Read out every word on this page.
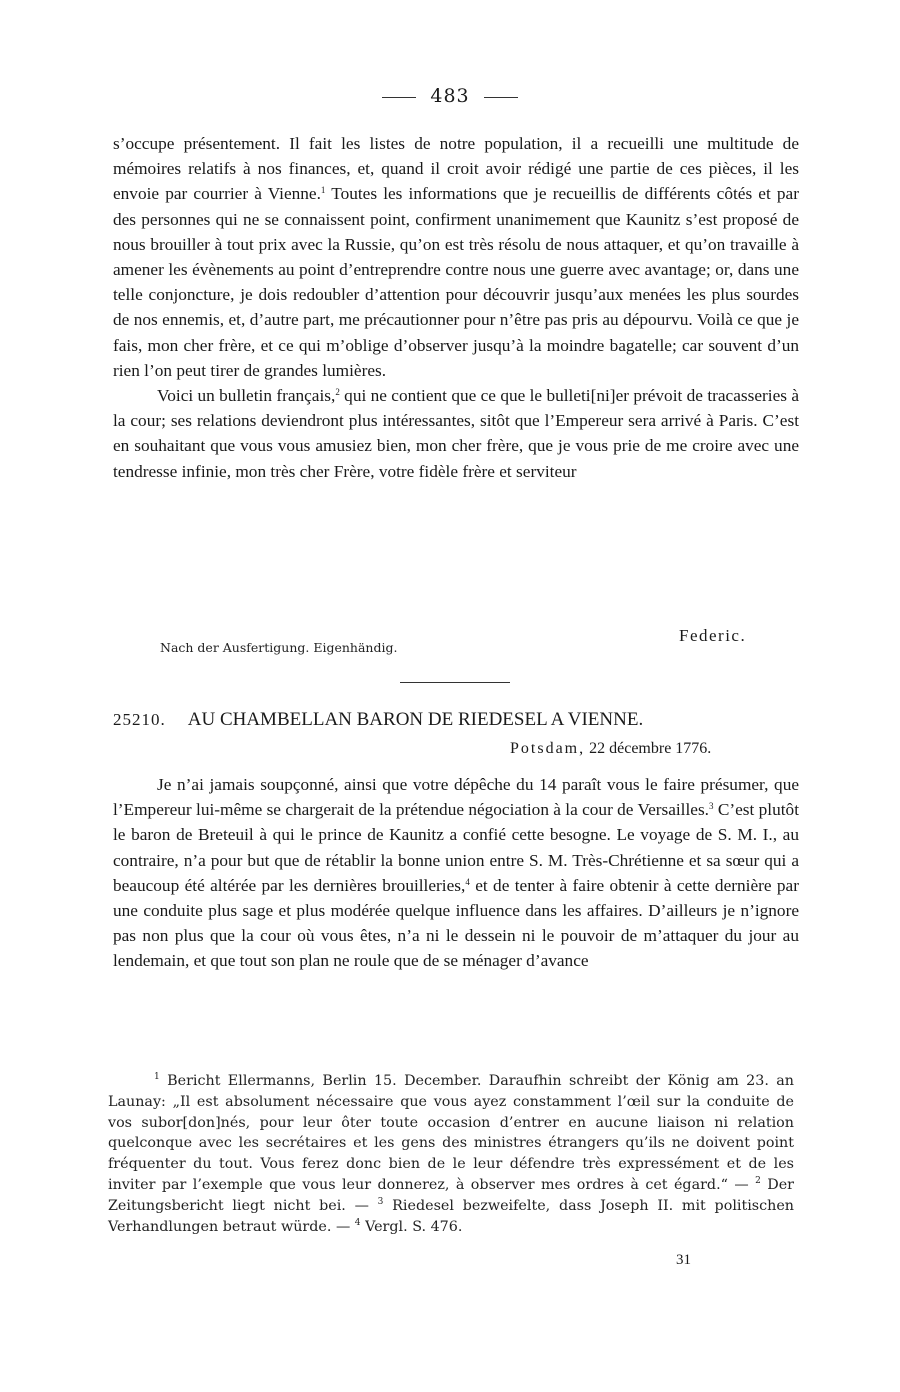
483

s’occupe présentement. Il fait les listes de notre population, il a recueilli une multitude de mémoires relatifs à nos finances, et, quand il croit avoir rédigé une partie de ces pièces, il les envoie par courrier à Vienne.$^1$ Toutes les informations que je recueillis de différents côtés et par des personnes qui ne se connaissent point, confirment unanimement que Kaunitz s’est proposé de nous brouiller à tout prix avec la Russie, qu’on est très résolu de nous attaquer, et qu’on travaille à amener les évènements au point d’entreprendre contre nous une guerre avec avantage; or, dans une telle conjoncture, je dois redoubler d’attention pour découvrir jusqu’aux menées les plus sourdes de nos ennemis, et, d’autre part, me précautionner pour n’être pas pris au dépourvu. Voilà ce que je fais, mon cher frère, et ce qui m’oblige d’observer jusqu’à la moindre bagatelle; car souvent d’un rien l’on peut tirer de grandes lumières.

Voici un bulletin français,$^2$ qui ne contient que ce que le bulleti[ni]er prévoit de tracasseries à la cour; ses relations deviendront plus intéressantes, sitôt que l’Empereur sera arrivé à Paris. C’est en souhaitant que vous vous amusiez bien, mon cher frère, que je vous prie de me croire avec une tendresse infinie, mon très cher Frère, votre fidèle frère et serviteur

Federic.
Nach der Ausfertigung. Eigenhändig.
25210. AU CHAMBELLAN BARON DE RIEDESEL A VIENNE.
Potsdam, 22 décembre 1776.

Je n’ai jamais soupçonné, ainsi que votre dépêche du 14 paraît vous le faire présumer, que l’Empereur lui-même se chargerait de la prétendue négociation à la cour de Versailles.$^3$ C’est plutôt le baron de Breteuil à qui le prince de Kaunitz a confié cette besogne. Le voyage de S. M. I., au contraire, n’a pour but que de rétablir la bonne union entre S. M. Très-Chrétienne et sa sœur qui a beaucoup été altérée par les dernières brouilleries,$^4$ et de tenter à faire obtenir à cette dernière par une conduite plus sage et plus modérée quelque influence dans les affaires. D’ailleurs je n’ignore pas non plus que la cour où vous êtes, n’a ni le dessein ni le pouvoir de m’attaquer du jour au lendemain, et que tout son plan ne roule que de se ménager d’avance

$^1$ Bericht Ellermanns, Berlin 15. December. Daraufhin schreibt der König am 23. an Launay: „Il est absolument nécessaire que vous ayez constamment l’œil sur la conduite de vos subor[don]nés, pour leur ôter toute occasion d’entrer en aucune liaison ni relation quelconque avec les secrétaires et les gens des ministres étrangers qu’ils ne doivent point fréquenter du tout. Vous ferez donc bien de le leur défendre très expressément et de les inviter par l’exemple que vous leur donnerez, à observer mes ordres à cet égard.“ — $^2$ Der Zeitungsbericht liegt nicht bei. — $^3$ Riedesel bezweifelte, dass Joseph II. mit politischen Verhandlungen betraut würde. — $^4$ Vergl. S. 476.

31
